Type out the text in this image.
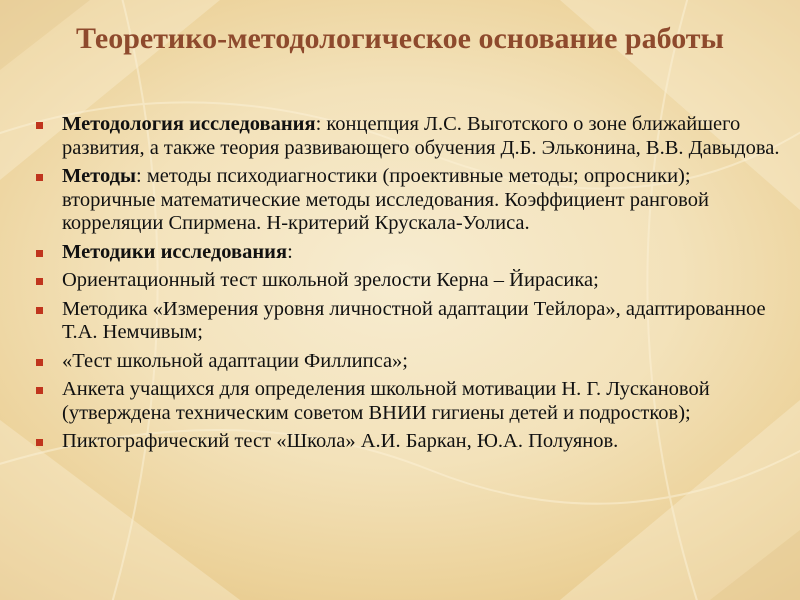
Теоретико-методологическое основание работы
Методология исследования: концепция Л.С. Выготского о зоне ближайшего развития, а также теория развивающего обучения Д.Б. Эльконина, В.В. Давыдова.
Методы: методы психодиагностики (проективные методы; опросники); вторичные математические методы исследования. Коэффициент ранговой корреляции Спирмена. Н-критерий Крускала-Уолиса.
Методики исследования:
Ориентационный тест школьной зрелости Керна – Йирасика;
Методика «Измерения уровня личностной адаптации Тейлора», адаптированное Т.А. Немчивым;
«Тест школьной адаптации Филлипса»;
Анкета учащихся для определения школьной мотивации Н. Г. Лускановой (утверждена техническим советом ВНИИ гигиены детей и подростков);
Пиктографический тест «Школа» А.И. Баркан, Ю.А. Полуянов.
